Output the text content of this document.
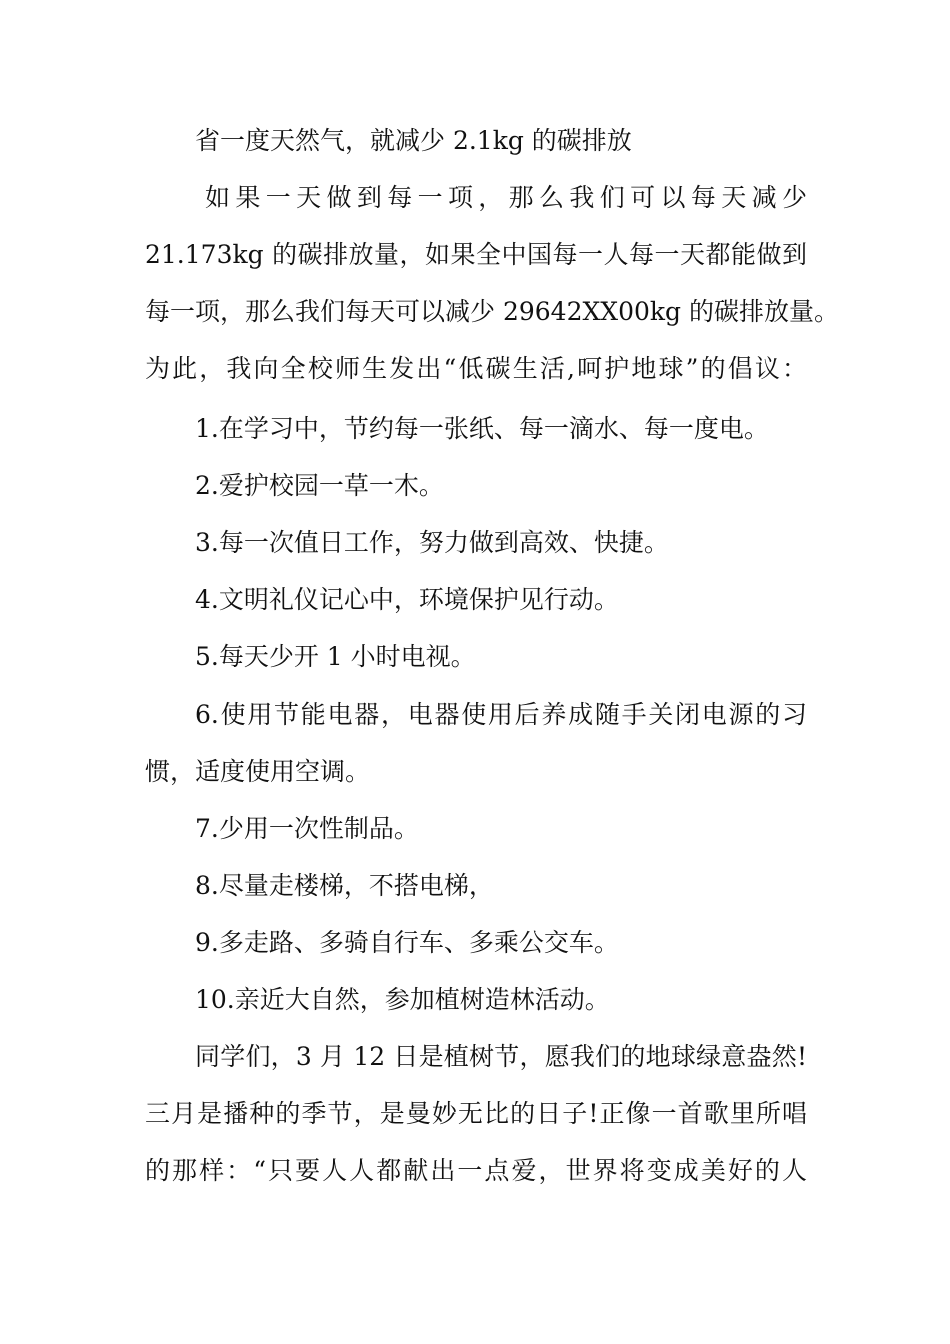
省一度天然气，就减少 2.1kg 的碳排放
如果一天做到每一项，那么我们可以每天减少
21.173kg 的碳排放量，如果全中国每一人每一天都能做到
每一项，那么我们每天可以减少 29642XX00kg 的碳排放量。
为此，我向全校师生发出“低碳生活,呵护地球”的倡议：
1.在学习中，节约每一张纸、每一滴水、每一度电。
2.爱护校园一草一木。
3.每一次值日工作，努力做到高效、快捷。
4.文明礼仪记心中，环境保护见行动。
5.每天少开 1 小时电视。
6.使用节能电器，电器使用后养成随手关闭电源的习
惯，适度使用空调。
7.少用一次性制品。
8.尽量走楼梯，不搭电梯，
9.多走路、多骑自行车、多乘公交车。
10.亲近大自然，参加植树造林活动。
同学们，3 月 12 日是植树节，愿我们的地球绿意盎然!
三月是播种的季节，是曼妙无比的日子!正像一首歌里所唱
的那样：“只要人人都献出一点爱，世界将变成美好的人
